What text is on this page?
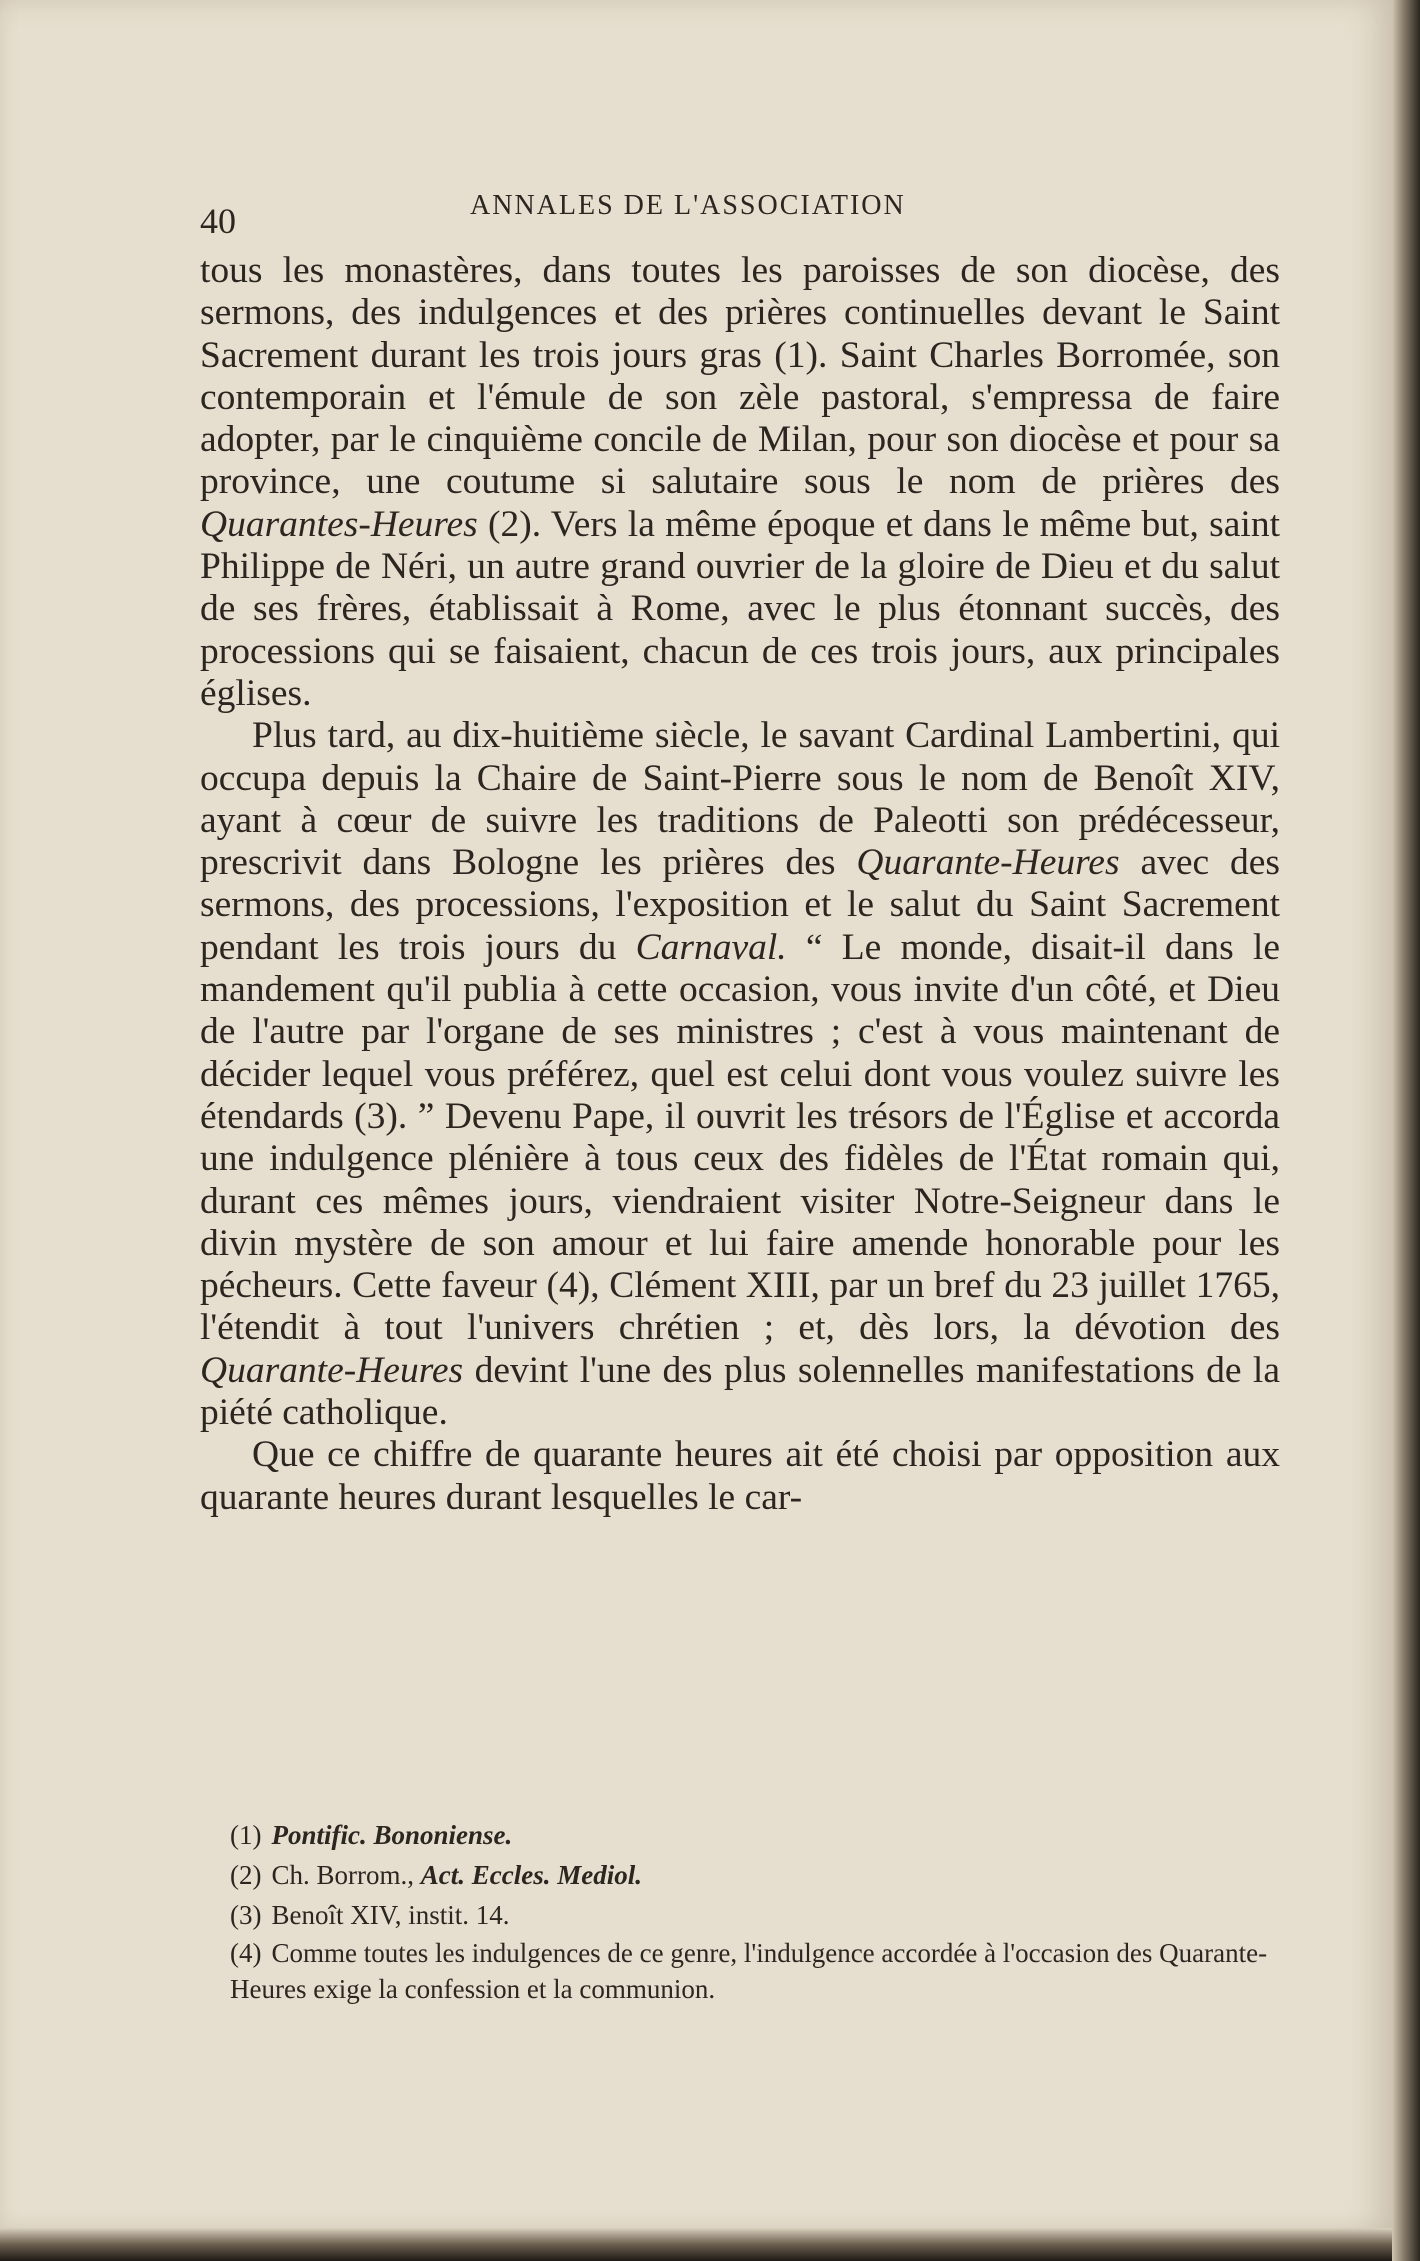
40	ANNALES DE L'ASSOCIATION

tous les monastères, dans toutes les paroisses de son diocèse, des sermons, des indulgences et des prières continuelles devant le Saint Sacrement durant les trois jours gras (1). Saint Charles Borromée, son contemporain et l'émule de son zèle pastoral, s'empressa de faire adopter, par le cinquième concile de Milan, pour son diocèse et pour sa province, une coutume si salutaire sous le nom de prières des Quarantes-Heures (2). Vers la même époque et dans le même but, saint Philippe de Néri, un autre grand ouvrier de la gloire de Dieu et du salut de ses frères, établissait à Rome, avec le plus étonnant succès, des processions qui se faisaient, chacun de ces trois jours, aux principales églises.

Plus tard, au dix-huitième siècle, le savant Cardinal Lambertini, qui occupa depuis la Chaire de Saint-Pierre sous le nom de Benoît XIV, ayant à cœur de suivre les traditions de Paleotti son prédécesseur, prescrivit dans Bologne les prières des Quarante-Heures avec des sermons, des processions, l'exposition et le salut du Saint Sacrement pendant les trois jours du Carnaval. “ Le monde, disait-il dans le mandement qu'il publia à cette occasion, vous invite d'un côté, et Dieu de l'autre par l'organe de ses ministres ; c'est à vous maintenant de décider lequel vous préférez, quel est celui dont vous voulez suivre les étendards (3). ” Devenu Pape, il ouvrit les trésors de l'Église et accorda une indulgence plénière à tous ceux des fidèles de l'État romain qui, durant ces mêmes jours, viendraient visiter Notre-Seigneur dans le divin mystère de son amour et lui faire amende honorable pour les pécheurs. Cette faveur (4), Clément XIII, par un bref du 23 juillet 1765, l'étendit à tout l'univers chrétien ; et, dès lors, la dévotion des Quarante-Heures devint l'une des plus solennelles manifestations de la piété catholique.

Que ce chiffre de quarante heures ait été choisi par opposition aux quarante heures durant lesquelles le car-

(1) Pontific. Bononiense.

(2) Ch. Borrom., Act. Eccles. Mediol.

(3) Benoît XIV, instit. 14.

(4) Comme toutes les indulgences de ce genre, l'indulgence accordée à l'occasion des Quarante-Heures exige la confession et la communion.
